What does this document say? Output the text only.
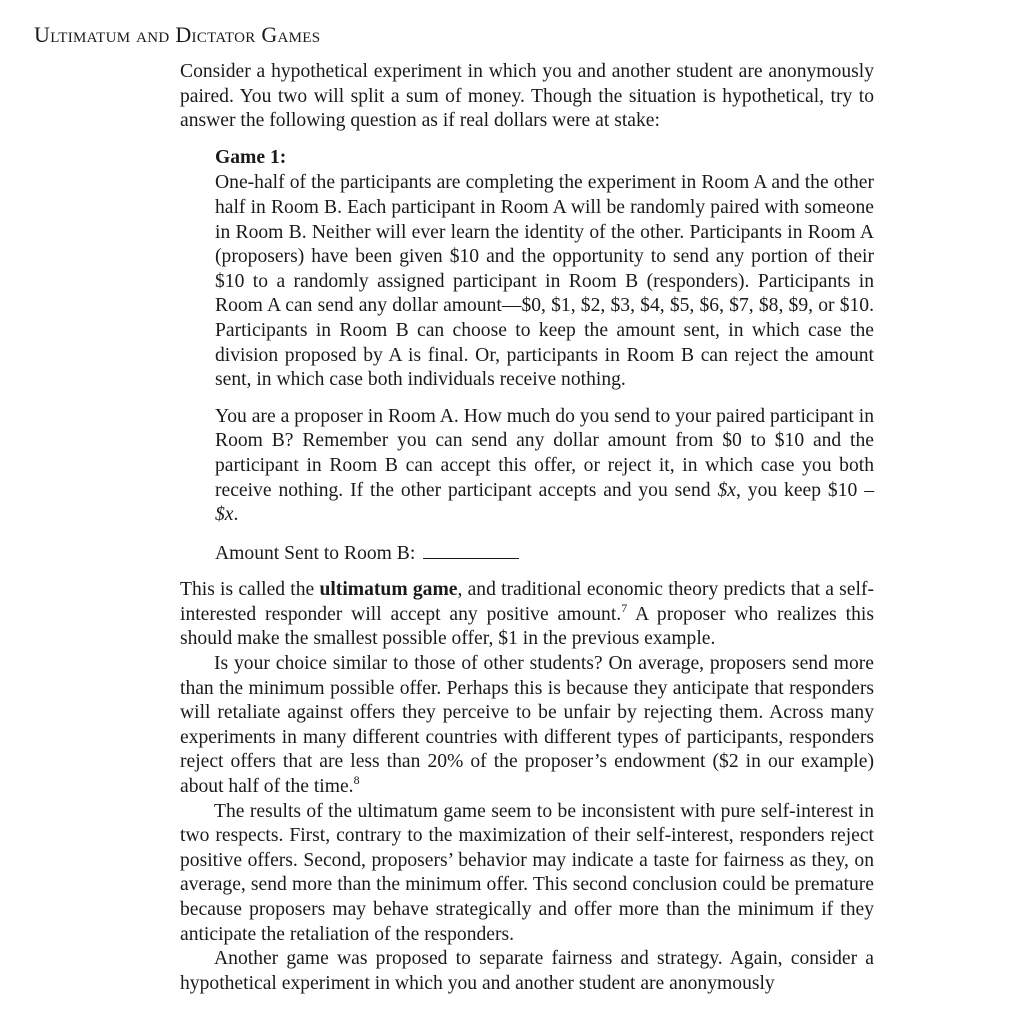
Ultimatum and Dictator Games

Consider a hypothetical experiment in which you and another student are anonymously paired. You two will split a sum of money. Though the situation is hypothetical, try to answer the following question as if real dollars were at stake:

Game 1:

One-half of the participants are completing the experiment in Room A and the other half in Room B. Each participant in Room A will be randomly paired with someone in Room B. Neither will ever learn the identity of the other. Participants in Room A (proposers) have been given $10 and the opportunity to send any portion of their $10 to a randomly assigned participant in Room B (responders). Participants in Room A can send any dollar amount—$0, $1, $2, $3, $4, $5, $6, $7, $8, $9, or $10. Participants in Room B can choose to keep the amount sent, in which case the division proposed by A is final. Or, participants in Room B can reject the amount sent, in which case both individuals receive nothing.

You are a proposer in Room A. How much do you send to your paired participant in Room B? Remember you can send any dollar amount from $0 to $10 and the participant in Room B can accept this offer, or reject it, in which case you both receive nothing. If the other participant accepts and you send $x, you keep $10 – $x.

Amount Sent to Room B:

This is called the ultimatum game, and traditional economic theory predicts that a self-interested responder will accept any positive amount.$^7$ A proposer who realizes this should make the smallest possible offer, $1 in the previous example.

Is your choice similar to those of other students? On average, proposers send more than the minimum possible offer. Perhaps this is because they anticipate that responders will retaliate against offers they perceive to be unfair by rejecting them. Across many experiments in many different countries with different types of participants, responders reject offers that are less than 20% of the proposer’s endowment ($2 in our example) about half of the time.$^8$

The results of the ultimatum game seem to be inconsistent with pure self-interest in two respects. First, contrary to the maximization of their self-interest, responders reject positive offers. Second, proposers’ behavior may indicate a taste for fairness as they, on average, send more than the minimum offer. This second conclusion could be premature because proposers may behave strategically and offer more than the minimum if they anticipate the retaliation of the responders.

Another game was proposed to separate fairness and strategy. Again, consider a hypothetical experiment in which you and another student are anonymously
